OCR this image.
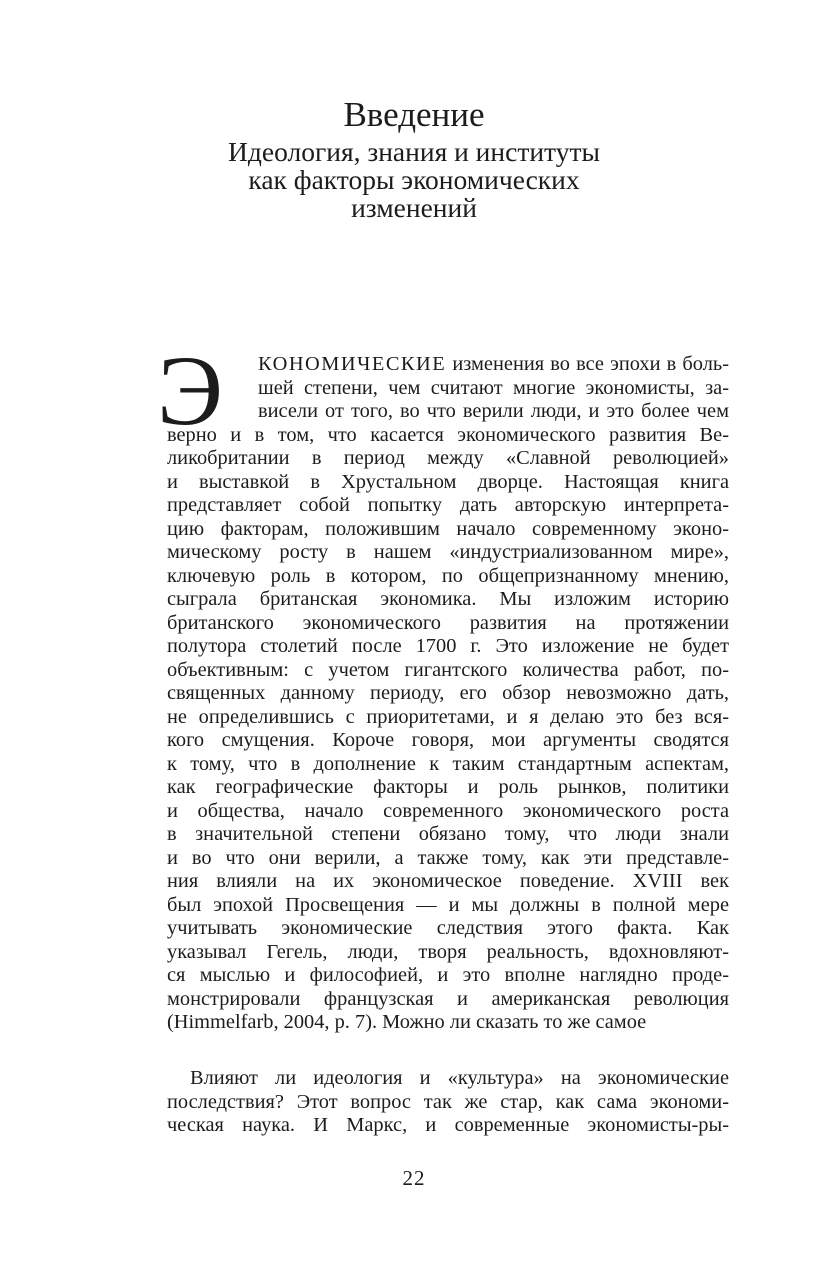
Введение
Идеология, знания и институты
как факторы экономических
изменений
Э КОНОМИЧЕСКИЕ изменения во все эпохи в боль-
шей степени, чем считают многие экономисты, за-
висели от того, во что верили люди, и это более чем
верно и в том, что касается экономического развития Ве-
ликобритании в период между «Славной революцией»
и выставкой в Хрустальном дворце. Настоящая книга
представляет собой попытку дать авторскую интерпрета-
цию факторам, положившим начало современному эконо-
мическому росту в нашем «индустриализованном мире»,
ключевую роль в котором, по общепризнанному мнению,
сыграла британская экономика. Мы изложим историю
британского экономического развития на протяжении
полутора столетий после 1700 г. Это изложение не будет
объективным: с учетом гигантского количества работ, по-
священных данному периоду, его обзор невозможно дать,
не определившись с приоритетами, и я делаю это без вся-
кого смущения. Короче говоря, мои аргументы сводятся
к тому, что в дополнение к таким стандартным аспектам,
как географические факторы и роль рынков, политики
и общества, начало современного экономического роста
в значительной степени обязано тому, что люди знали
и во что они верили, а также тому, как эти представле-
ния влияли на их экономическое поведение. XVIII век
был эпохой Просвещения — и мы должны в полной мере
учитывать экономические следствия этого факта. Как
указывал Гегель, люди, творя реальность, вдохновляют-
ся мыслью и философией, и это вполне наглядно проде-
монстрировали французская и американская революция
(Himmelfarb, 2004, p. 7). Можно ли сказать то же самое
Влияют ли идеология и «культура» на экономические
последствия? Этот вопрос так же стар, как сама экономи-
ческая наука. И Маркс, и современные экономисты-ры-
22
